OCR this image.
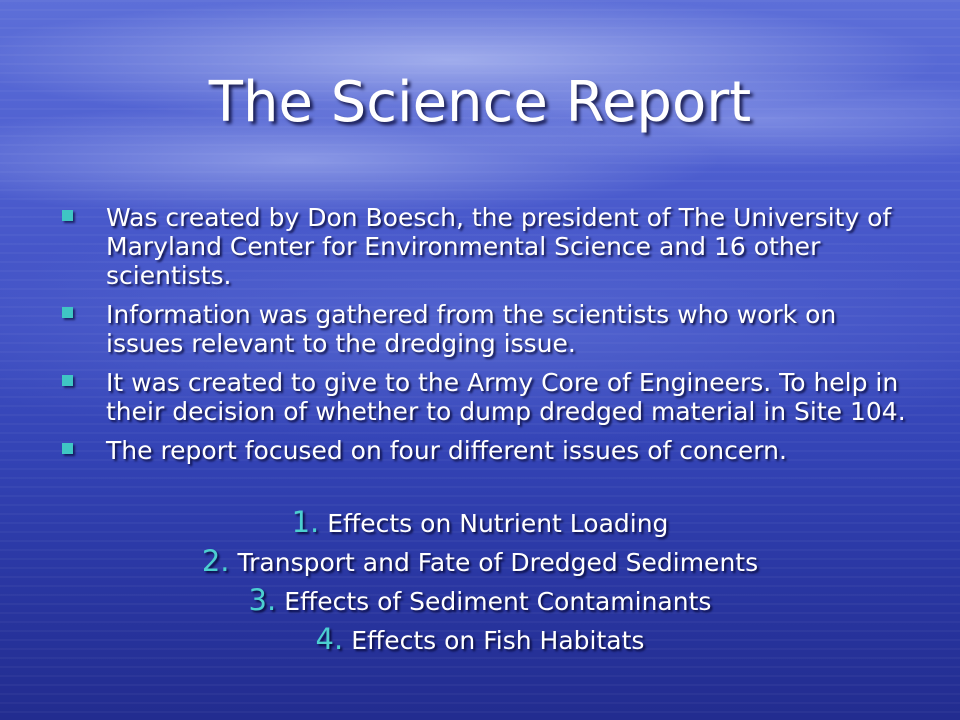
The Science Report
Was created by Don Boesch, the president of The University of Maryland Center for Environmental Science and 16 other scientists.
Information was gathered from the scientists who work on issues relevant to the dredging issue.
It was created to give to the Army Core of Engineers. To help in their decision of whether to dump dredged material in Site 104.
The report focused on four different issues of concern.
1. Effects on Nutrient Loading
2. Transport and Fate of Dredged Sediments
3. Effects of Sediment Contaminants
4. Effects on Fish Habitats
